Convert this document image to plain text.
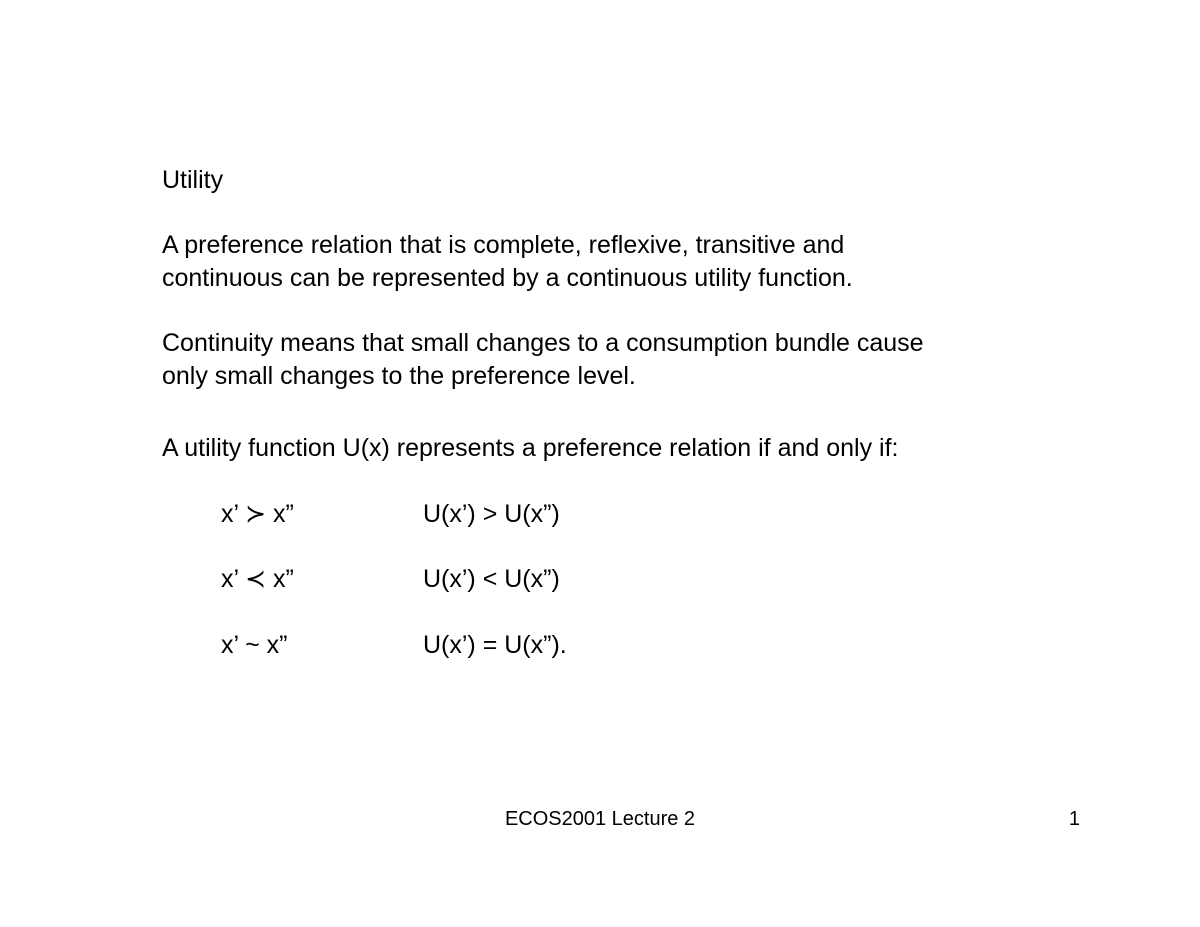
Utility
A preference relation that is complete, reflexive, transitive and
continuous can be represented by a continuous utility function.
Continuity means that small changes to a consumption bundle cause
only small changes to the preference level.
A utility function U(x) represents a preference relation if and only if:
x’ ≻ x”	U(x’) > U(x”)
x’ ≺ x”	U(x’) < U(x”)
x’ ~ x”	U(x’) = U(x”).
ECOS2001 Lecture 2	1
